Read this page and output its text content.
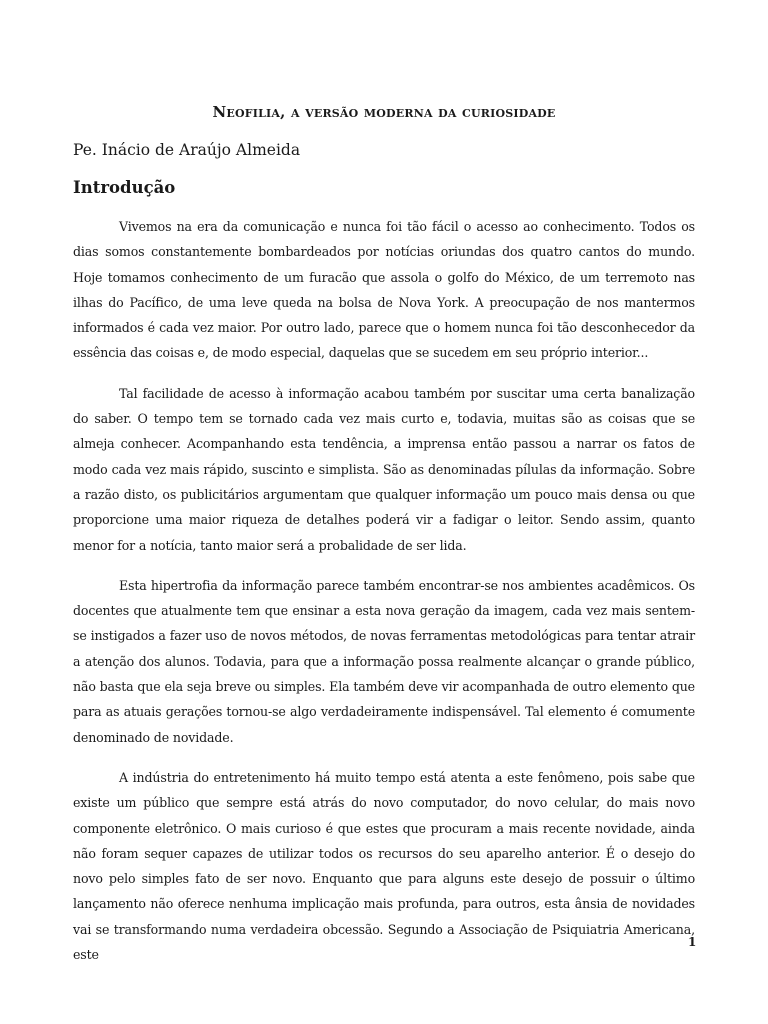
Neofilia, a versão moderna da curiosidade
Pe. Inácio de Araújo Almeida
Introdução

Vivemos na era da comunicação e nunca foi tão fácil o acesso ao conhecimento. Todos os dias somos constantemente bombardeados por notícias oriundas dos quatro cantos do mundo. Hoje tomamos conhecimento de um furacão que assola o golfo do México, de um terremoto nas ilhas do Pacífico, de uma leve queda na bolsa de Nova York. A preocupação de nos mantermos informados é cada vez maior. Por outro lado, parece que o homem nunca foi tão desconhecedor da essência das coisas e, de modo especial, daquelas que se sucedem em seu próprio interior...

Tal facilidade de acesso à informação acabou também por suscitar uma certa banalização do saber. O tempo tem se tornado cada vez mais curto e, todavia, muitas são as coisas que se almeja conhecer. Acompanhando esta tendência, a imprensa então passou a narrar os fatos de modo cada vez mais rápido, suscinto e simplista. São as denominadas pílulas da informação. Sobre a razão disto, os publicitários argumentam que qualquer informação um pouco mais densa ou que proporcione uma maior riqueza de detalhes poderá vir a fadigar o leitor. Sendo assim, quanto menor for a notícia, tanto maior será a probalidade de ser lida.

Esta hipertrofia da informação parece também encontrar-se nos ambientes acadêmicos. Os docentes que atualmente tem que ensinar a esta nova geração da imagem, cada vez mais sentem-se instigados a fazer uso de novos métodos, de novas ferramentas metodológicas para tentar atrair a atenção dos alunos. Todavia, para que a informação possa realmente alcançar o grande público, não basta que ela seja breve ou simples. Ela também deve vir acompanhada de outro elemento que para as atuais gerações tornou-se algo verdadeiramente indispensável. Tal elemento é comumente denominado de novidade.

A indústria do entretenimento há muito tempo está atenta a este fenômeno, pois sabe que existe um público que sempre está atrás do novo computador, do novo celular, do mais novo componente eletrônico. O mais curioso é que estes que procuram a mais recente novidade, ainda não foram sequer capazes de utilizar todos os recursos do seu aparelho anterior. É o desejo do novo pelo simples fato de ser novo. Enquanto que para alguns este desejo de possuir o último lançamento não oferece nenhuma implicação mais profunda, para outros, esta ânsia de novidades vai se transformando numa verdadeira obcessão. Segundo a Associação de Psiquiatria Americana, este

1
